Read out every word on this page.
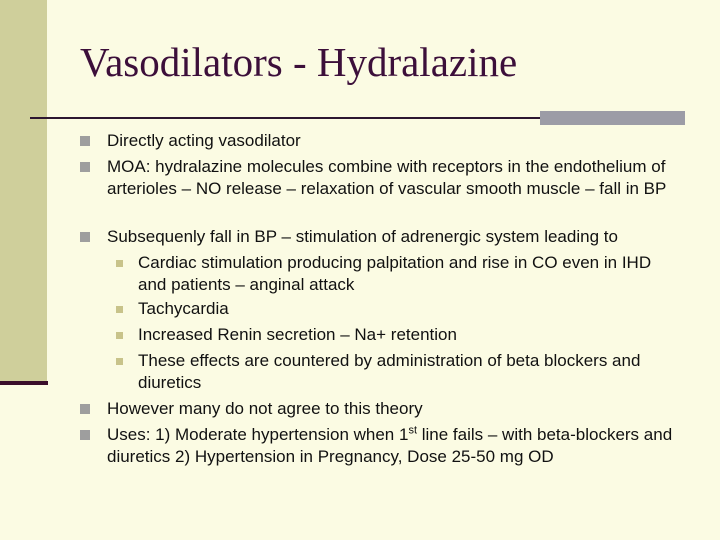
Vasodilators - Hydralazine
Directly acting vasodilator
MOA: hydralazine molecules combine with receptors in the endothelium of arterioles – NO release – relaxation of vascular smooth muscle – fall in BP
Subsequenly fall in BP – stimulation of adrenergic system leading to
Cardiac stimulation producing palpitation and rise in CO even in IHD and patients – anginal attack
Tachycardia
Increased Renin secretion – Na+ retention
These effects are countered by administration of beta blockers and diuretics
However many do not agree to this theory
Uses: 1) Moderate hypertension when 1st line fails – with beta-blockers and diuretics 2) Hypertension in Pregnancy, Dose 25-50 mg OD
